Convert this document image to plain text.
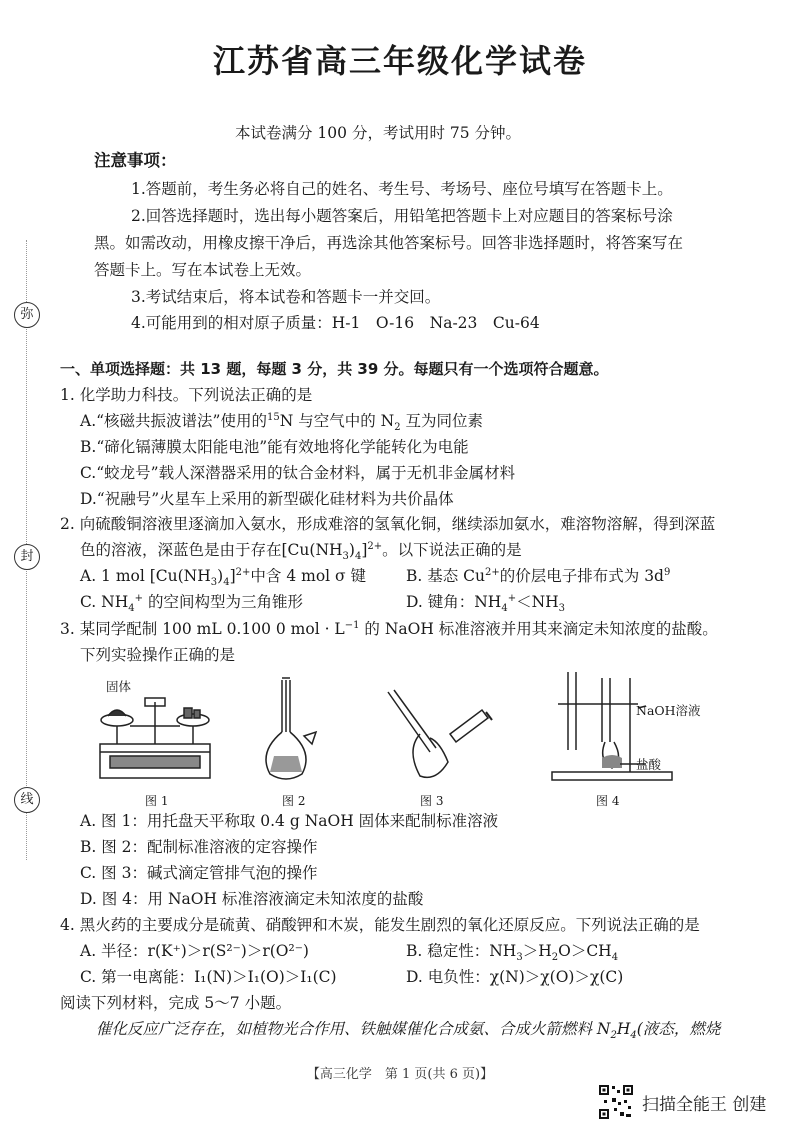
江苏省高三年级化学试卷
本试卷满分 100 分，考试用时 75 分钟。
注意事项：
1.答题前，考生务必将自己的姓名、考生号、考场号、座位号填写在答题卡上。
2.回答选择题时，选出每小题答案后，用铅笔把答题卡上对应题目的答案标号涂
黑。如需改动，用橡皮擦干净后，再选涂其他答案标号。回答非选择题时，将答案写在
答题卡上。写在本试卷上无效。
3.考试结束后，将本试卷和答题卡一并交回。
4.可能用到的相对原子质量：H-1　O-16　Na-23　Cu-64
弥
封
线
一、单项选择题：共 13 题，每题 3 分，共 39 分。每题只有一个选项符合题意。
1. 化学助力科技。下列说法正确的是
A.“核磁共振波谱法”使用的$^{15}$N 与空气中的 $N_2$ 互为同位素
B.“碲化镉薄膜太阳能电池”能有效地将化学能转化为电能
C.“蛟龙号”载人深潜器采用的钛合金材料，属于无机非金属材料
D.“祝融号”火星车上采用的新型碳化硅材料为共价晶体
2. 向硫酸铜溶液里逐滴加入氨水，形成难溶的氢氧化铜，继续添加氨水，难溶物溶解，得到深蓝
色的溶液，深蓝色是由于存在$[Cu(NH_3)_4]^{2+}$。以下说法正确的是
A. 1 mol $[Cu(NH_3)_4]^{2+}$中含 4 mol σ 键	B. 基态 $Cu^{2+}$的价层电子排布式为 $3d^9$
C. $NH_4^+$ 的空间构型为三角锥形	D. 键角：$NH_4^+<NH_3$
3. 某同学配制 100 mL 0.100 0 mol · $L^{-1}$ 的 NaOH 标准溶液并用其来滴定未知浓度的盐酸。
下列实验操作正确的是
固体
NaOH溶液
盐酸
图 1	图 2	图 3	图 4
A. 图 1：用托盘天平称取 0.4 g NaOH 固体来配制标准溶液
B. 图 2：配制标准溶液的定容操作
C. 图 3：碱式滴定管排气泡的操作
D. 图 4：用 NaOH 标准溶液滴定未知浓度的盐酸
4. 黑火药的主要成分是硫黄、硝酸钾和木炭，能发生剧烈的氧化还原反应。下列说法正确的是
A. 半径：r(K⁺)＞r(S²⁻)＞r(O²⁻)	B. 稳定性：$NH_3>H_2O>CH_4$
C. 第一电离能：I₁(N)＞I₁(O)＞I₁(C)	D. 电负性：χ(N)＞χ(O)＞χ(C)
阅读下列材料，完成 5～7 小题。
催化反应广泛存在，如植物光合作用、铁触媒催化合成氨、合成火箭燃料 $N_2H_4$(液态，燃烧
【高三化学　第 1 页(共 6 页)】
扫描全能王 创建
